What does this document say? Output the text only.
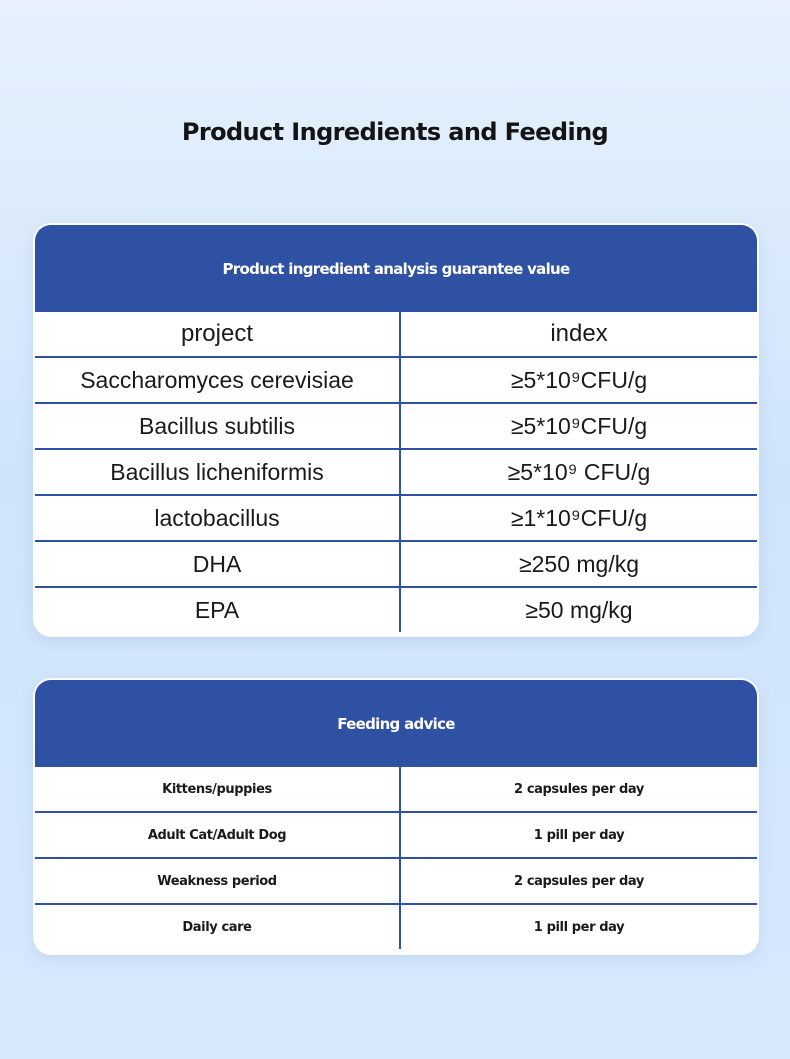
Product Ingredients and Feeding
Product ingredient analysis guarantee value
project	index
Saccharomyces cerevisiae	≥5*10⁹CFU/g
Bacillus subtilis	≥5*10⁹CFU/g
Bacillus licheniformis	≥5*10⁹ CFU/g
lactobacillus	≥1*10⁹CFU/g
DHA	≥250 mg/kg
EPA	≥50 mg/kg
Feeding advice
Kittens/puppies	2 capsules per day
Adult Cat/Adult Dog	1 pill per day
Weakness period	2 capsules per day
Daily care	1 pill per day
